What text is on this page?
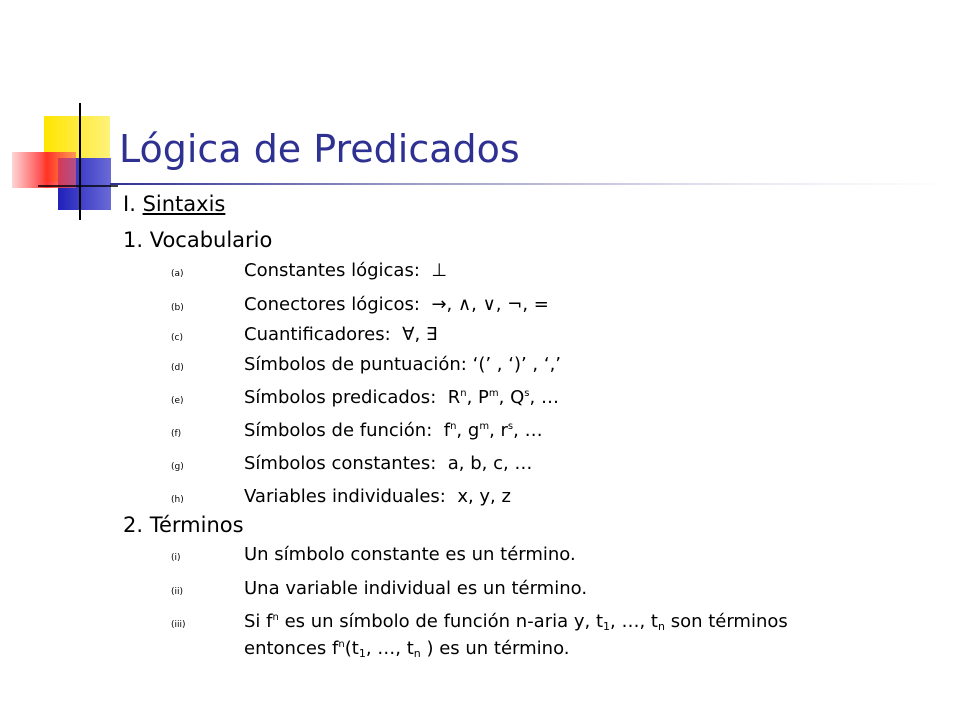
Lógica de Predicados
I. Sintaxis
1. Vocabulario
(a)	Constantes lógicas: ⊥
(b)	Conectores lógicos: →, ∧, ∨, ¬, =
(c)	Cuantificadores: ∀, ∃
(d)	Símbolos de puntuación: ‘(’ , ‘)’ , ‘,’
(e)	Símbolos predicados: $R^n$, $P^m$, $Q^s$, …
(f)	Símbolos de función: $f^n$, $g^m$, $r^s$, …
(g)	Símbolos constantes: a, b, c, …
(h)	Variables individuales: x, y, z
2. Términos
(i)	Un símbolo constante es un término.
(ii)	Una variable individual es un término.
(iii)	Si $f^n$ es un símbolo de función n-aria y, $t_1$, …, $t_n$ son términos
entonces $f^n(t_1$, …, $t_n$ ) es un término.
